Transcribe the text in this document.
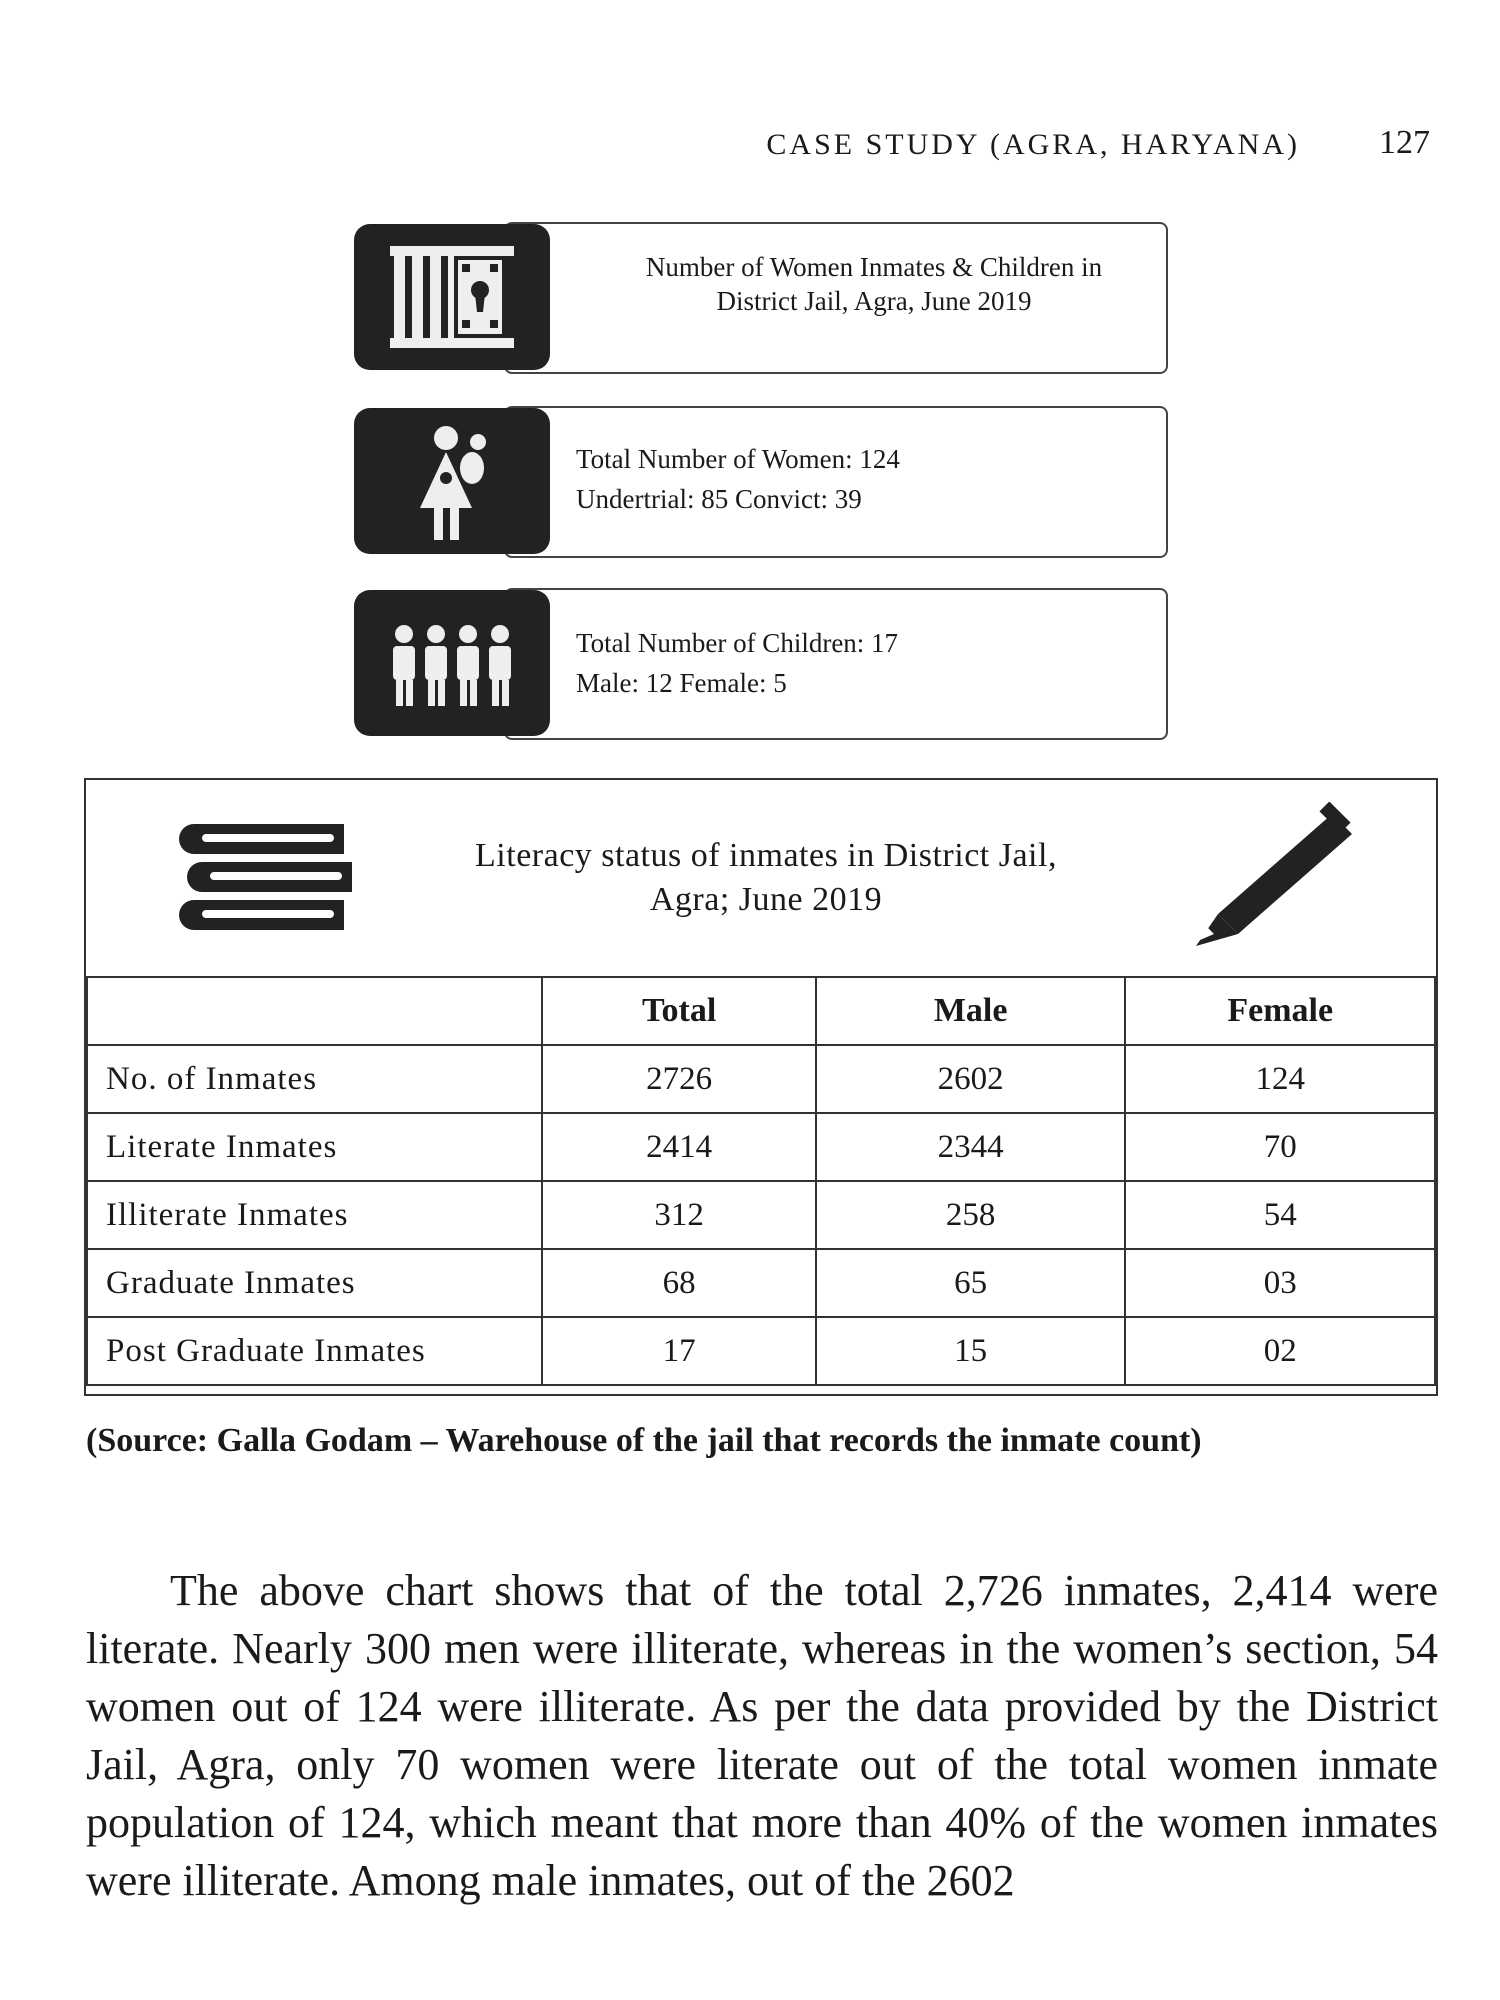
CASE STUDY (AGRA, HARYANA)	127
Number of Women Inmates & Children in District Jail, Agra, June 2019
Total Number of Women: 124
Undertrial: 85 Convict: 39
Total Number of Children: 17
Male: 12 Female: 5
Literacy status of inmates in District Jail,
Agra; June 2019
	Total	Male	Female
No. of Inmates	2726	2602	124
Literate Inmates	2414	2344	70
Illiterate Inmates	312	258	54
Graduate Inmates	68	65	03
Post Graduate Inmates	17	15	02
(Source: Galla Godam – Warehouse of the jail that records the inmate count)
The above chart shows that of the total 2,726 inmates, 2,414 were literate. Nearly 300 men were illiterate, whereas in the women’s section, 54 women out of 124 were illiterate. As per the data provided by the District Jail, Agra, only 70 women were literate out of the total women inmate population of 124, which meant that more than 40% of the women inmates were illiterate. Among male inmates, out of the 2602
